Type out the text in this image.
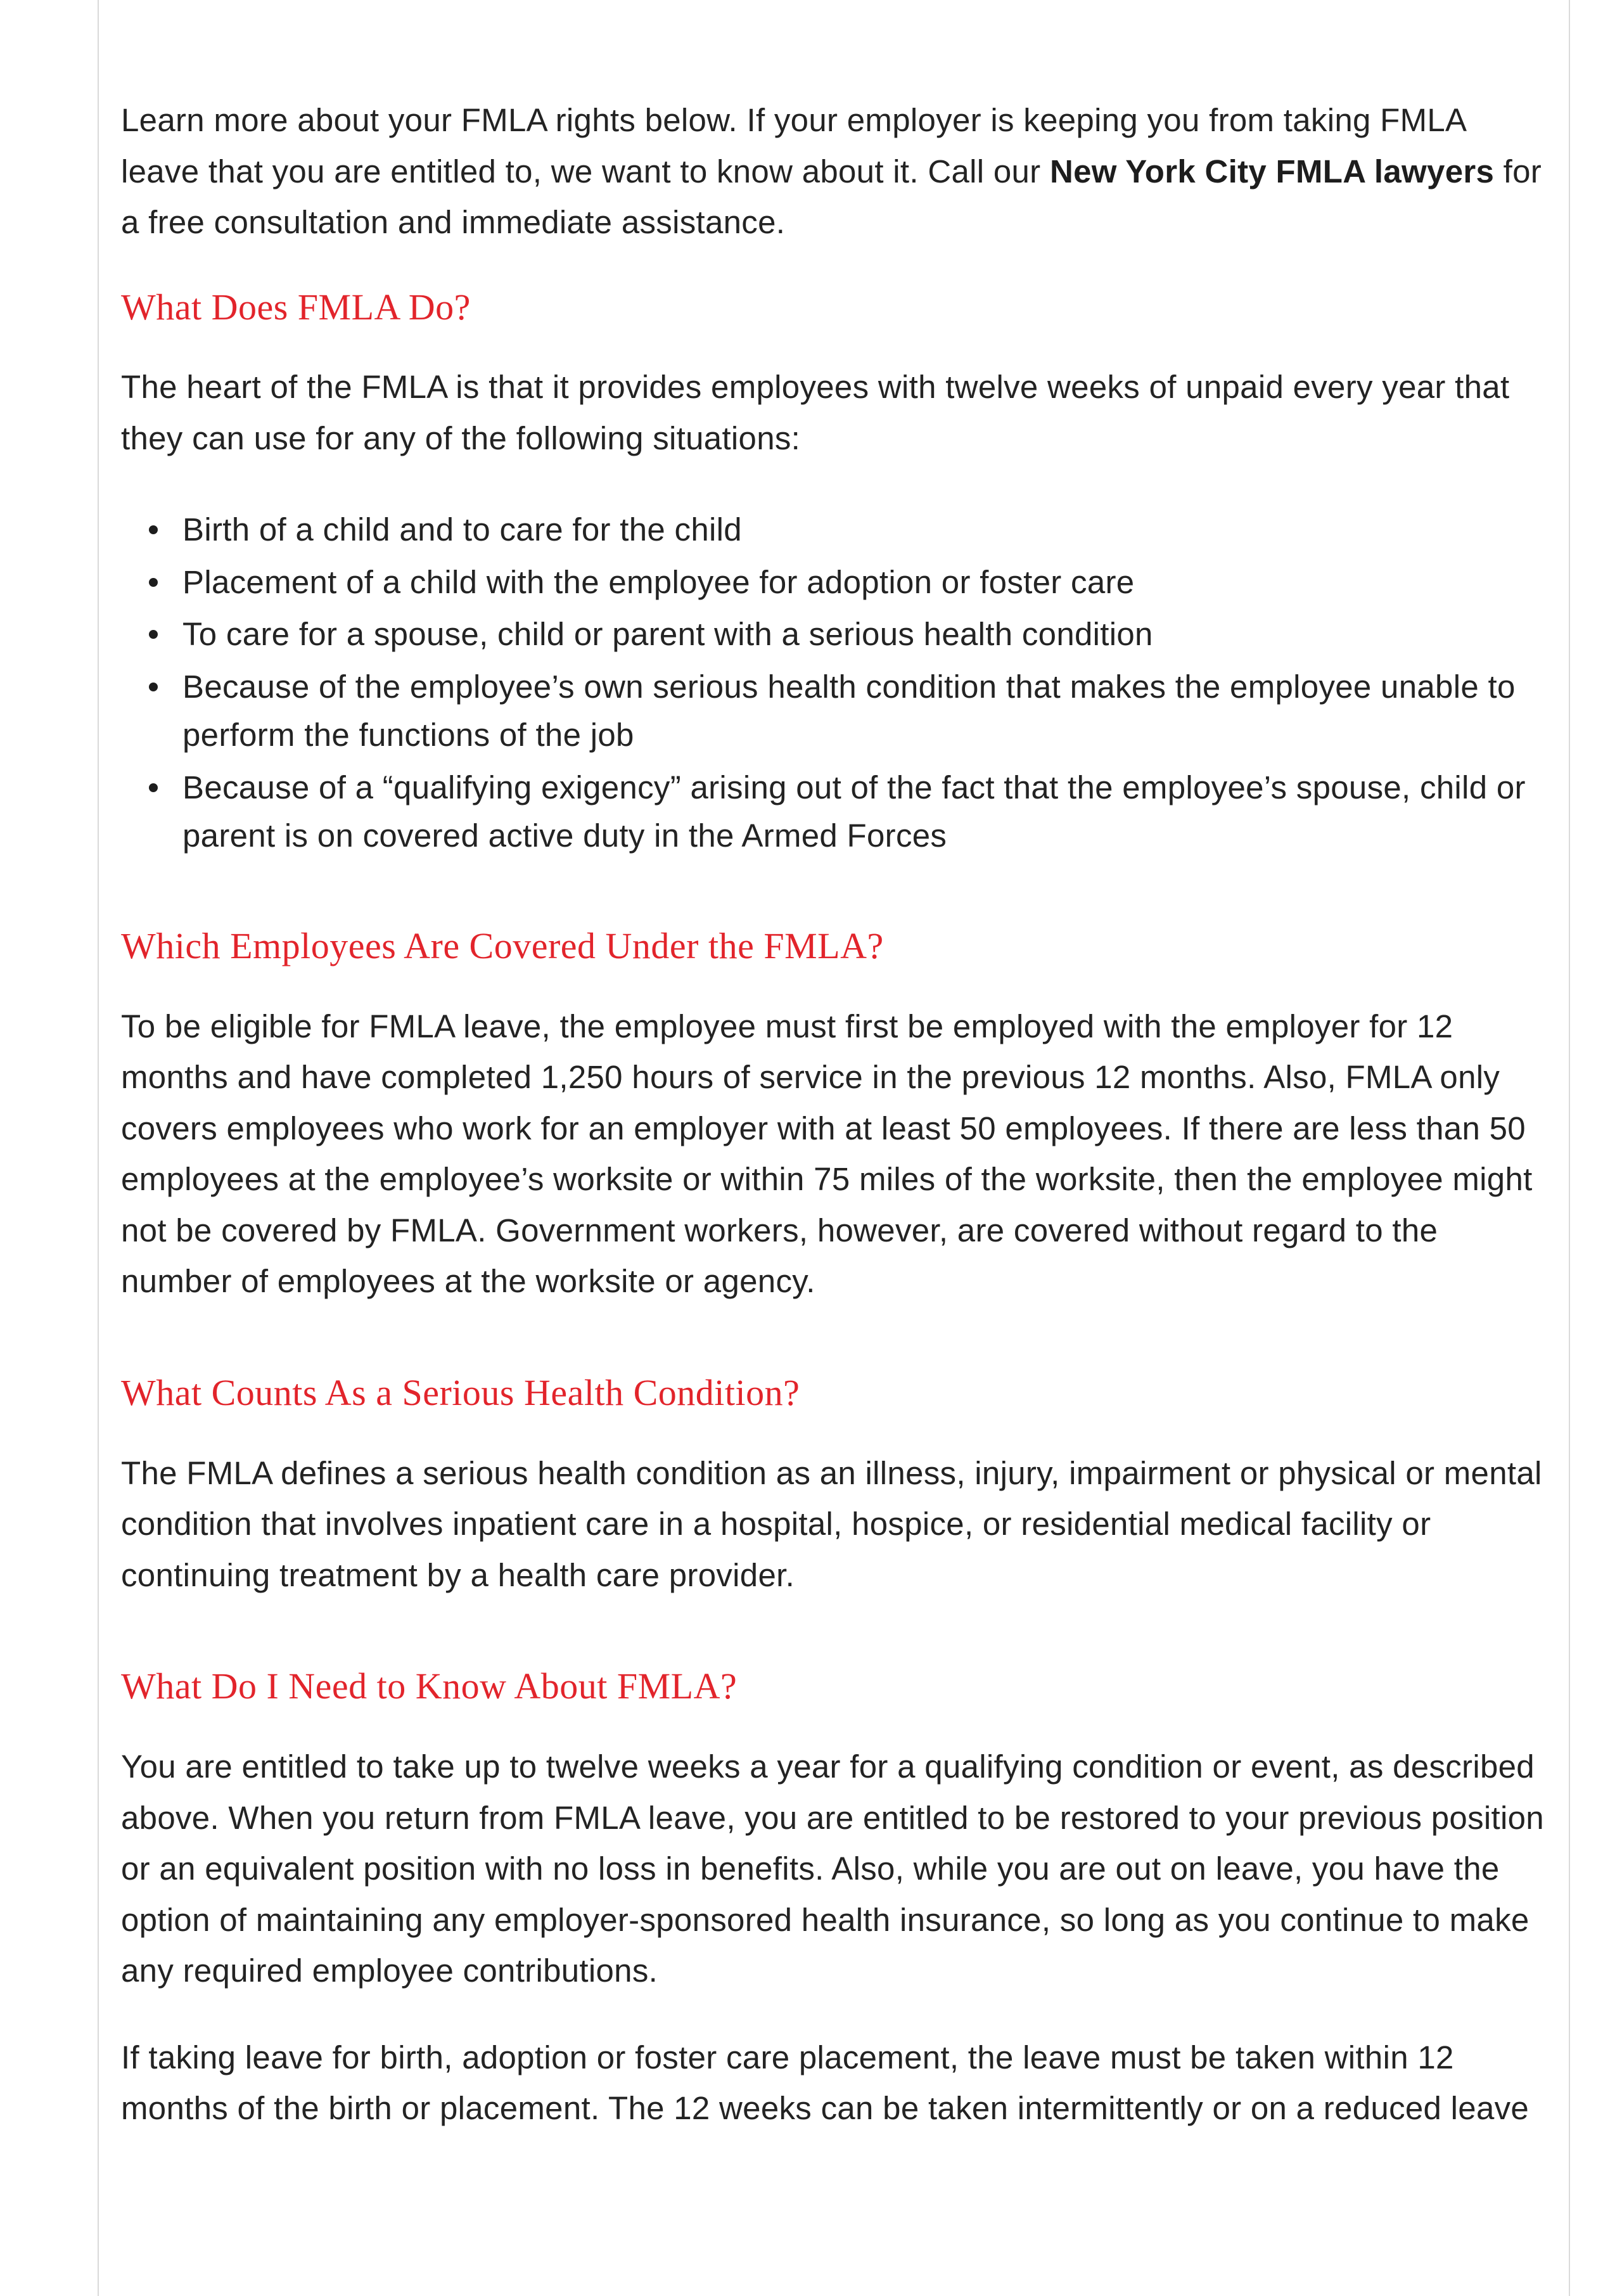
Learn more about your FMLA rights below. If your employer is keeping you from taking FMLA leave that you are entitled to, we want to know about it. Call our New York City FMLA lawyers for a free consultation and immediate assistance.

What Does FMLA Do?

The heart of the FMLA is that it provides employees with twelve weeks of unpaid every year that they can use for any of the following situations:

Birth of a child and to care for the child
Placement of a child with the employee for adoption or foster care
To care for a spouse, child or parent with a serious health condition
Because of the employee’s own serious health condition that makes the employee unable to perform the functions of the job
Because of a “qualifying exigency” arising out of the fact that the employee’s spouse, child or parent is on covered active duty in the Armed Forces
Which Employees Are Covered Under the FMLA?

To be eligible for FMLA leave, the employee must first be employed with the employer for 12 months and have completed 1,250 hours of service in the previous 12 months. Also, FMLA only covers employees who work for an employer with at least 50 employees. If there are less than 50 employees at the employee’s worksite or within 75 miles of the worksite, then the employee might not be covered by FMLA. Government workers, however, are covered without regard to the number of employees at the worksite or agency.

What Counts As a Serious Health Condition?

The FMLA defines a serious health condition as an illness, injury, impairment or physical or mental condition that involves inpatient care in a hospital, hospice, or residential medical facility or continuing treatment by a health care provider.

What Do I Need to Know About FMLA?

You are entitled to take up to twelve weeks a year for a qualifying condition or event, as described above. When you return from FMLA leave, you are entitled to be restored to your previous position or an equivalent position with no loss in benefits. Also, while you are out on leave, you have the option of maintaining any employer-sponsored health insurance, so long as you continue to make any required employee contributions.

If taking leave for birth, adoption or foster care placement, the leave must be taken within 12 months of the birth or placement. The 12 weeks can be taken intermittently or on a reduced leave
